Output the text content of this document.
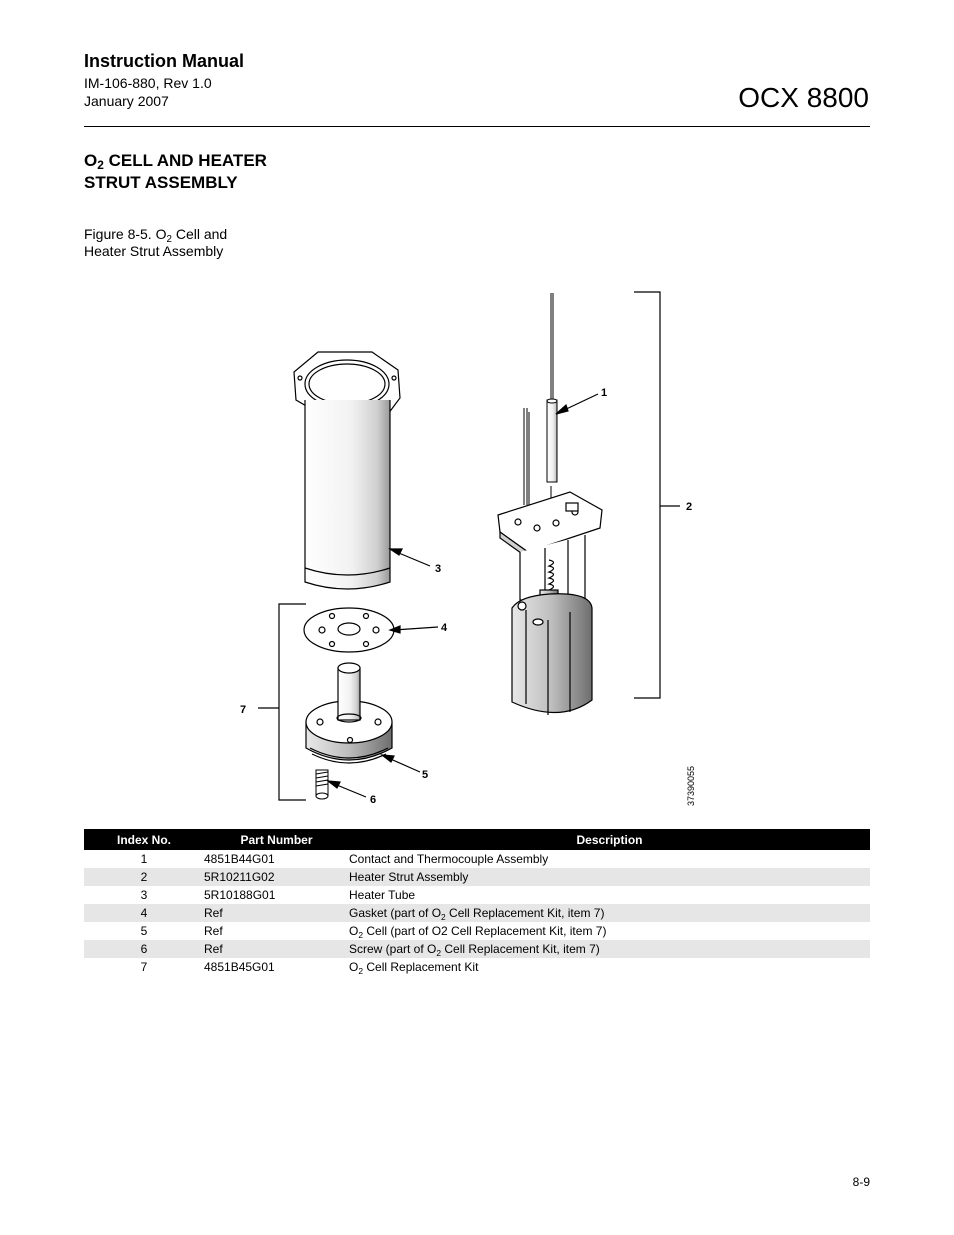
Instruction Manual
IM-106-880, Rev 1.0
January 2007	OCX 8800
$O_2$ CELL AND HEATER
STRUT ASSEMBLY
Figure 8-5. $O_2$ Cell and
Heater Strut Assembly
1
2
3
4
5
6
7
37390055
Index No.	Part Number	Description
1	4851B44G01	Contact and Thermocouple Assembly
2	5R10211G02	Heater Strut Assembly
3	5R10188G01	Heater Tube
4	Ref	Gasket (part of $O_2$ Cell Replacement Kit, item 7)
5	Ref	$O_2$ Cell (part of O2 Cell Replacement Kit, item 7)
6	Ref	Screw (part of $O_2$ Cell Replacement Kit, item 7)
7	4851B45G01	$O_2$ Cell Replacement Kit
8-9
